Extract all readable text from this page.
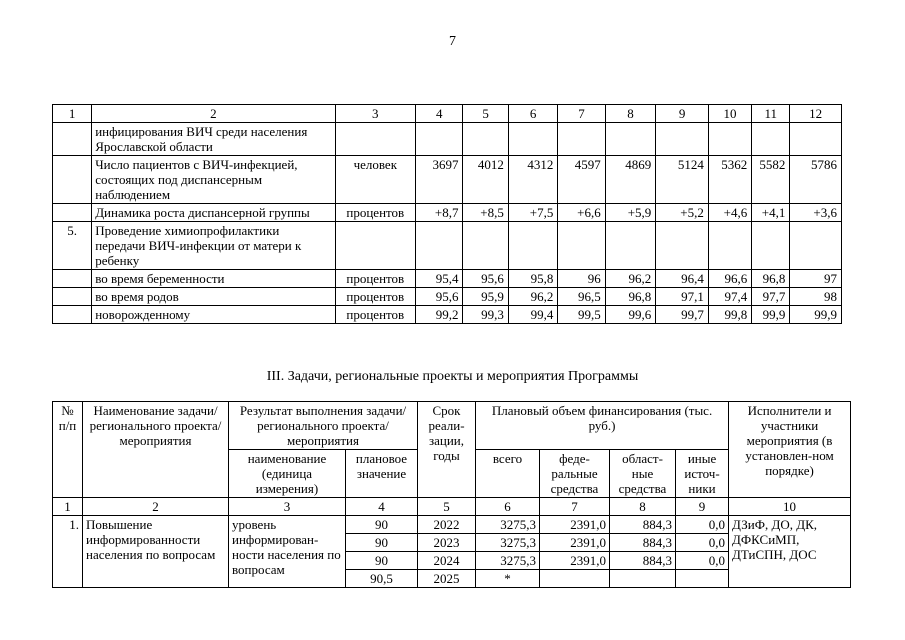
7
1	2	3	4	5	6	7	8	9	10	11	12
	инфицирования ВИЧ среди населения Ярославской области										
	Число пациентов с ВИЧ-инфекцией, состоящих под диспансерным наблюдением	человек	3697	4012	4312	4597	4869	5124	5362	5582	5786
	Динамика роста диспансерной группы	процентов	+8,7	+8,5	+7,5	+6,6	+5,9	+5,2	+4,6	+4,1	+3,6
5.	Проведение химиопрофилактики передачи ВИЧ-инфекции от матери к ребенку										
	во время беременности	процентов	95,4	95,6	95,8	96	96,2	96,4	96,6	96,8	97
	во время родов	процентов	95,6	95,9	96,2	96,5	96,8	97,1	97,4	97,7	98
	новорожденному	процентов	99,2	99,3	99,4	99,5	99,6	99,7	99,8	99,9	99,9
III. Задачи, региональные проекты и мероприятия Программы
№ п/п	Наименование задачи/ регионального проекта/ мероприятия	Результат выполнения задачи/ регионального проекта/ мероприятия		Срок реали-зации, годы	Плановый объем финансирования (тыс. руб.)				Исполнители и участники мероприятия (в установлен-ном порядке)
		наименование (единица измерения)	плановое значение		всего	феде-ральные средства	област-ные средства	иные источ-ники	
1	2	3	4	5	6	7	8	9	10
1.	Повышение информированности населения по вопросам	уровень информирован-ности населения по вопросам	90	2022	3275,3	2391,0	884,3	0,0	ДЗиФ, ДО, ДК, ДФКСиМП, ДТиСПН, ДОС
			90	2023	3275,3	2391,0	884,3	0,0	
			90	2024	3275,3	2391,0	884,3	0,0	
			90,5	2025	*				
